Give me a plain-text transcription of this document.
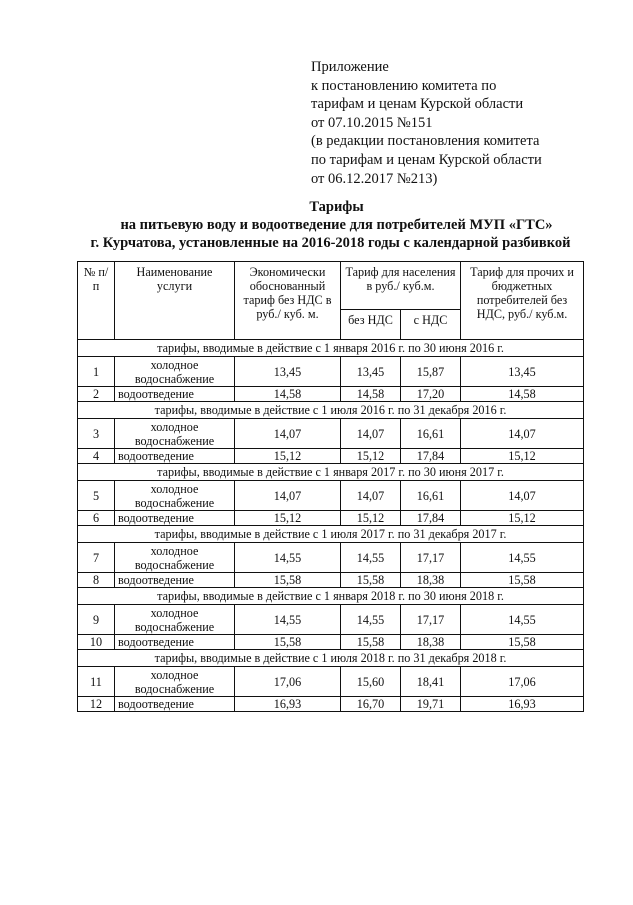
Приложение
к постановлению комитета по
тарифам и ценам Курской области
от 07.10.2015 №151
(в редакции постановления комитета
по тарифам и ценам Курской области
от 06.12.2017 №213)
Тарифы
на питьевую воду и водоотведение для потребителей МУП «ГТС»
г. Курчатова, установленные на 2016-2018 годы с календарной разбивкой
№ п/п	Наименование услуги	Экономически обоснованный тариф без НДС в руб./ куб. м.	Тариф для населения в руб./ куб.м.		Тариф для прочих и бюджетных потребителей без НДС, руб./ куб.м.
			без НДС	с НДС	
тарифы, вводимые в действие с 1 января 2016 г. по 30 июня 2016 г.					
1	холодное водоснабжение	13,45	13,45	15,87	13,45
2	водоотведение	14,58	14,58	17,20	14,58
тарифы, вводимые в действие с 1 июля 2016 г. по 31 декабря 2016 г.					
3	холодное водоснабжение	14,07	14,07	16,61	14,07
4	водоотведение	15,12	15,12	17,84	15,12
тарифы, вводимые в действие с 1 января 2017 г. по 30 июня 2017 г.					
5	холодное водоснабжение	14,07	14,07	16,61	14,07
6	водоотведение	15,12	15,12	17,84	15,12
тарифы, вводимые в действие с 1 июля 2017 г. по 31 декабря 2017 г.					
7	холодное водоснабжение	14,55	14,55	17,17	14,55
8	водоотведение	15,58	15,58	18,38	15,58
тарифы, вводимые в действие с 1 января 2018 г. по 30 июня 2018 г.					
9	холодное водоснабжение	14,55	14,55	17,17	14,55
10	водоотведение	15,58	15,58	18,38	15,58
тарифы, вводимые в действие с 1 июля 2018 г. по 31 декабря 2018 г.					
11	холодное водоснабжение	17,06	15,60	18,41	17,06
12	водоотведение	16,93	16,70	19,71	16,93
